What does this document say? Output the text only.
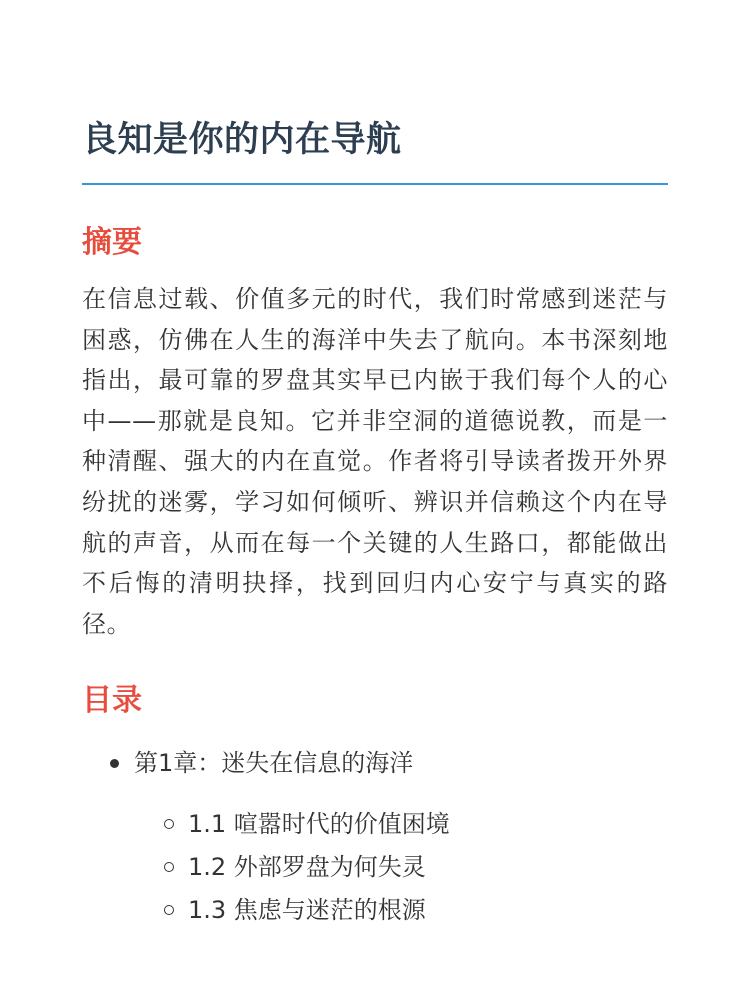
良知是你的内在导航
摘要

在信息过载、价值多元的时代，我们时常感到迷茫与困惑，仿佛在人生的海洋中失去了航向。本书深刻地指出，最可靠的罗盘其实早已内嵌于我们每个人的心中——那就是良知。它并非空洞的道德说教，而是一种清醒、强大的内在直觉。作者将引导读者拨开外界纷扰的迷雾，学习如何倾听、辨识并信赖这个内在导航的声音，从而在每一个关键的人生路口，都能做出不后悔的清明抉择，找到回归内心安宁与真实的路径。

目录
第1章：迷失在信息的海洋
1.1 喧嚣时代的价值困境
1.2 外部罗盘为何失灵
1.3 焦虑与迷茫的根源
